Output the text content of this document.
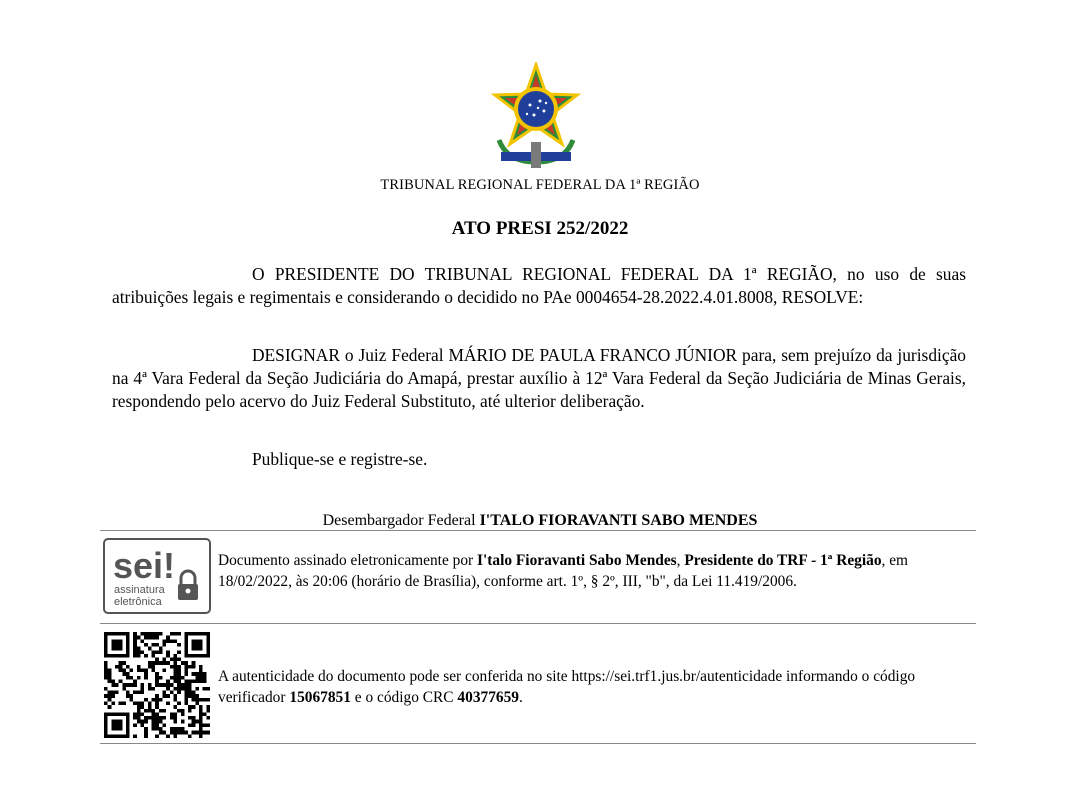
TRIBUNAL REGIONAL FEDERAL DA 1ª REGIÃO
ATO PRESI 252/2022
O PRESIDENTE DO TRIBUNAL REGIONAL FEDERAL DA 1ª REGIÃO, no uso de suas atribuições legais e regimentais e considerando o decidido no PAe 0004654-28.2022.4.01.8008, RESOLVE:
DESIGNAR o Juiz Federal MÁRIO DE PAULA FRANCO JÚNIOR para, sem prejuízo da jurisdição na 4ª Vara Federal da Seção Judiciária do Amapá, prestar auxílio à 12ª Vara Federal da Seção Judiciária de Minas Gerais, respondendo pelo acervo do Juiz Federal Substituto, até ulterior deliberação.
Publique-se e registre-se.
Desembargador Federal I'TALO FIORAVANTI SABO MENDES
sei!
assinatura
eletrônica
Documento assinado eletronicamente por I'talo Fioravanti Sabo Mendes, Presidente do TRF - 1ª Região, em 18/02/2022, às 20:06 (horário de Brasília), conforme art. 1º, § 2º, III, "b", da Lei 11.419/2006.
A autenticidade do documento pode ser conferida no site https://sei.trf1.jus.br/autenticidade informando o código verificador 15067851 e o código CRC 40377659.
